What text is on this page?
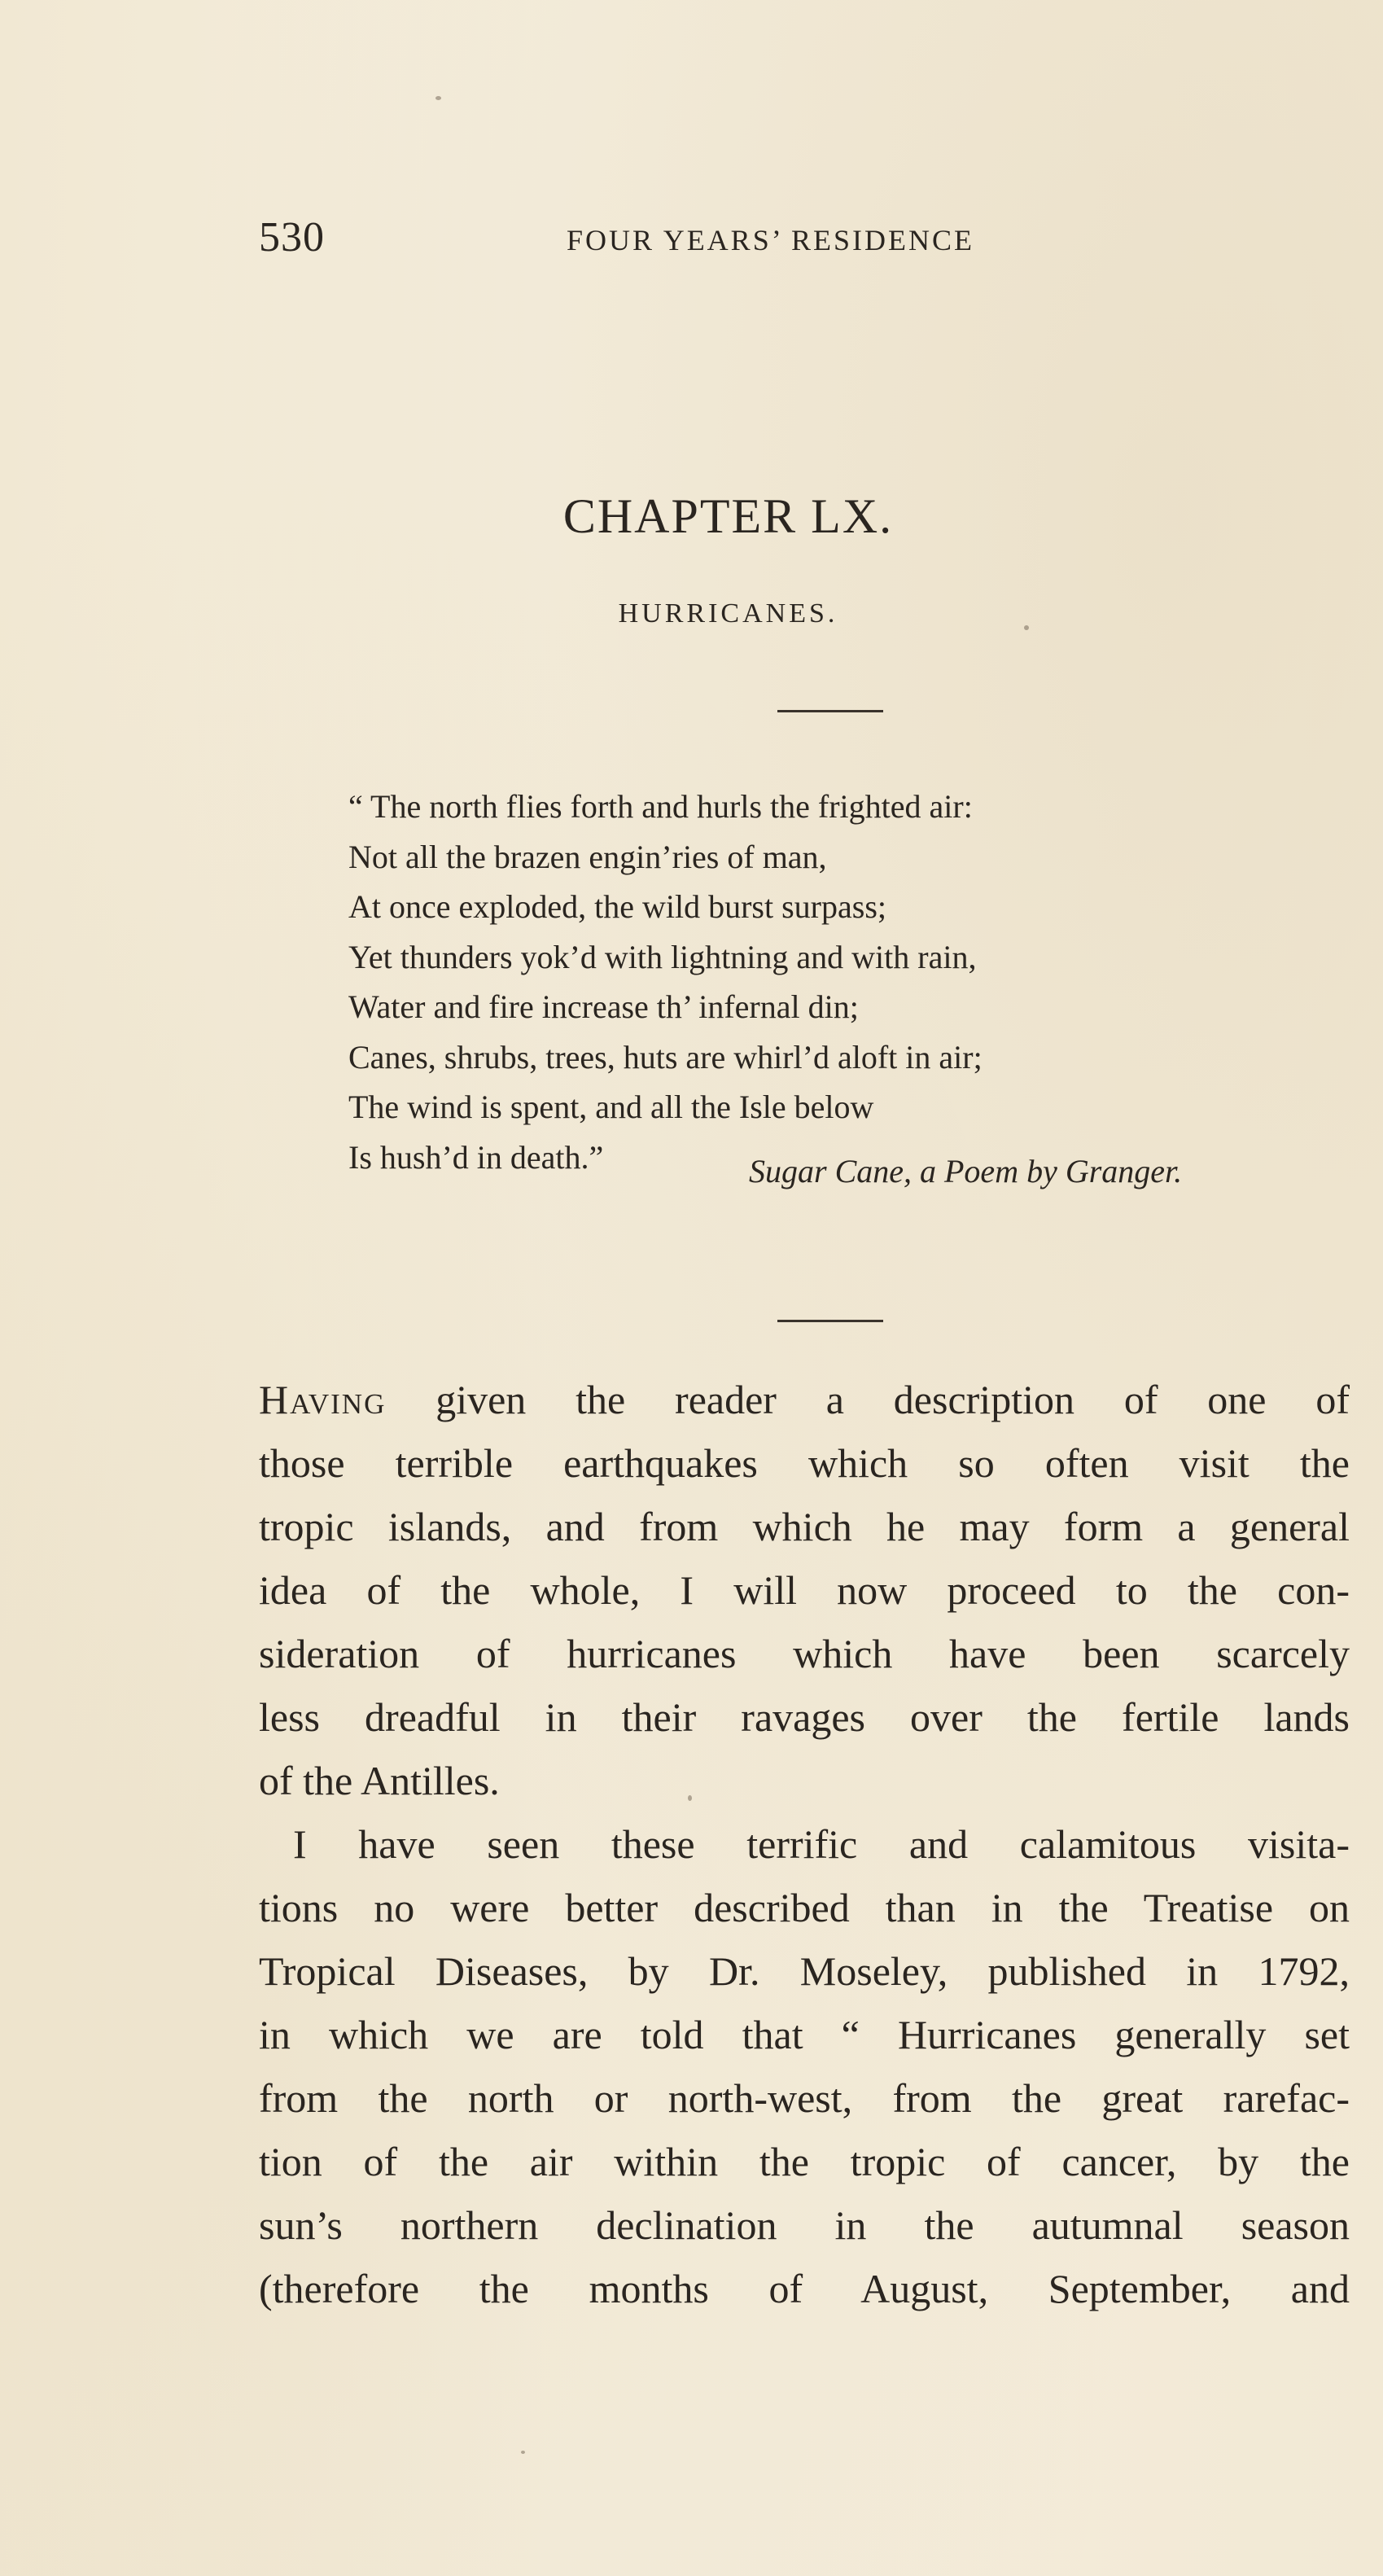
530	FOUR YEARS’ RESIDENCE
CHAPTER LX.
HURRICANES.
“ The north flies forth and hurls the frighted air:
Not all the brazen engin’ries of man,
At once exploded, the wild burst surpass;
Yet thunders yok’d with lightning and with rain,
Water and fire increase th’ infernal din;
Canes, shrubs, trees, huts are whirl’d aloft in air;
The wind is spent, and all the Isle below
Is hush’d in death.”	Sugar Cane, a Poem by Granger.
Having given the reader a description of one of
those terrible earthquakes which so often visit the
tropic islands, and from which he may form a general
idea of the whole, I will now proceed to the con-
sideration of hurricanes which have been scarcely
less dreadful in their ravages over the fertile lands
of the Antilles.
I have seen these terrific and calamitous visita-
tions no were better described than in the Treatise on
Tropical Diseases, by Dr. Moseley, published in 1792,
in which we are told that “ Hurricanes generally set
from the north or north-west, from the great rarefac-
tion of the air within the tropic of cancer, by the
sun’s northern declination in the autumnal season
(therefore the months of August, September, and
